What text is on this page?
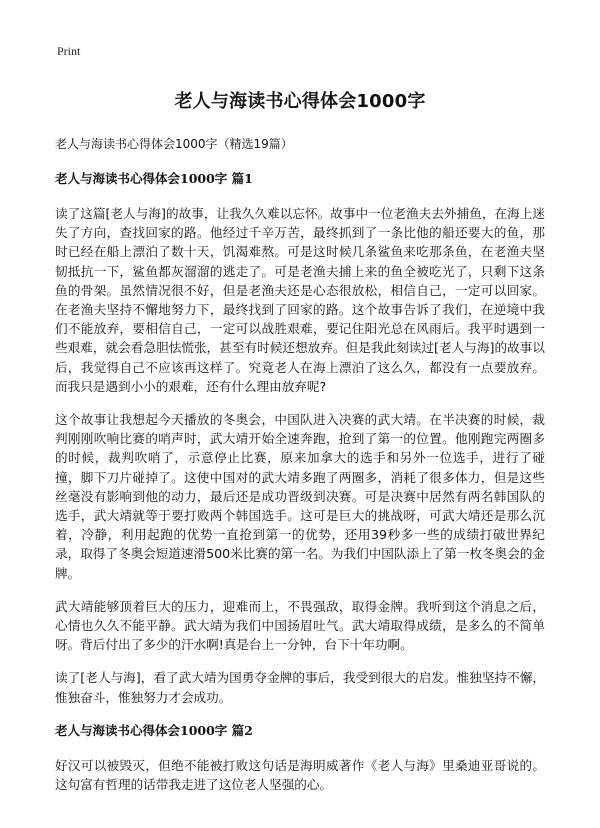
Print
老人与海读书心得体会1000字
老人与海读书心得体会1000字（精选19篇）
老人与海读书心得体会1000字 篇1

读了这篇[老人与海]的故事，让我久久难以忘怀。故事中一位老渔夫去外捕鱼，在海上迷失了方向，查找回家的路。他经过千辛万苦，最终抓到了一条比他的船还要大的鱼，那时已经在船上漂泊了数十天，饥渴难熬。可是这时候几条鲨鱼来吃那条鱼，在老渔夫坚韧抵抗一下，鲨鱼都灰溜溜的逃走了。可是老渔夫捕上来的鱼全被吃光了，只剩下这条鱼的骨架。虽然情况很不好，但是老渔夫还是心态很放松，相信自己，一定可以回家。在老渔夫坚持不懈地努力下，最终找到了回家的路。这个故事告诉了我们，在逆境中我们不能放弃，要相信自己，一定可以战胜艰难，要记住阳光总在风雨后。我平时遇到一些艰难，就会看急胆怯慌张，甚至有时候还想放弃。但是我此刻读过[老人与海]的故事以后，我觉得自己不应该再这样了。究竟老人在海上漂泊了这么久，都没有一点要放弃。而我只是遇到小小的艰难，还有什么理由放弃呢?

这个故事让我想起今天播放的冬奥会，中国队进入决赛的武大靖。在半决赛的时候，裁判刚刚吹响比赛的哨声时，武大靖开始全速奔跑，抢到了第一的位置。他刚跑完两圈多的时候，裁判吹哨了，示意停止比赛，原来加拿大的选手和另外一位选手，进行了碰撞，脚下刀片碰掉了。这使中国对的武大靖多跑了两圈多，消耗了很多体力，但是这些丝毫没有影响到他的动力，最后还是成功晋级到决赛。可是决赛中居然有两名韩国队的选手，武大靖就等于要打败两个韩国选手。这可是巨大的挑战呀，可武大靖还是那么沉着，冷静，利用起跑的优势一直抢到第一的优势，还用39秒多一些的成绩打破世界纪录，取得了冬奥会短道速滑500米比赛的第一名。为我们中国队添上了第一枚冬奥会的金牌。

武大靖能够顶着巨大的压力，迎难而上，不畏强敌，取得金牌。我听到这个消息之后，心情也久久不能平静。武大靖为我们中国扬眉吐气。武大靖取得成绩，是多么的不简单呀。背后付出了多少的汗水啊!真是台上一分钟，台下十年功啊。

读了[老人与海]，看了武大靖为国勇夺金牌的事后，我受到很大的启发。惟独坚持不懈，惟独奋斗，惟独努力才会成功。

老人与海读书心得体会1000字 篇2

好汉可以被毁灭，但绝不能被打败这句话是海明威著作《老人与海》里桑迪亚哥说的。这句富有哲理的话带我走进了这位老人坚强的心。
